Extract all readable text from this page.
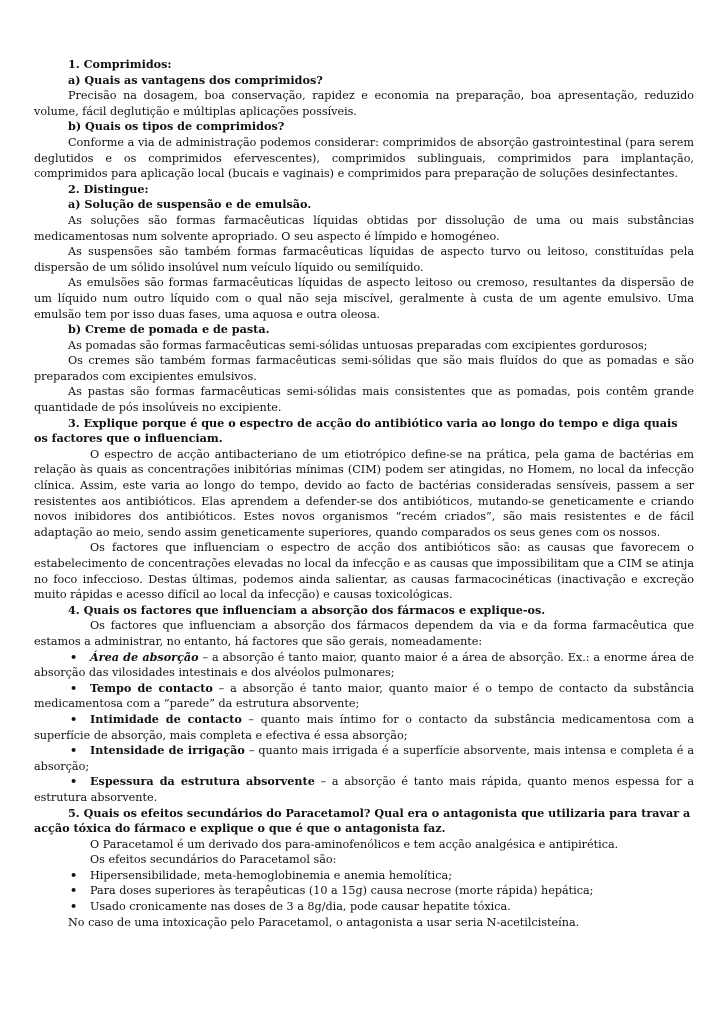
1. Comprimidos:

a) Quais as vantagens dos comprimidos?

Precisão na dosagem, boa conservação, rapidez e economia na preparação, boa apresentação, reduzido volume, fácil deglutição e múltiplas aplicações possíveis.

b) Quais os tipos de comprimidos?

Conforme a via de administração podemos considerar: comprimidos de absorção gastrointestinal (para serem deglutidos e os comprimidos efervescentes), comprimidos sublinguais, comprimidos para implantação, comprimidos para aplicação local (bucais e vaginais) e comprimidos para preparação de soluções desinfectantes.

2. Distingue:

a) Solução de suspensão e de emulsão.

As soluções são formas farmacêuticas líquidas obtidas por dissolução de uma ou mais substâncias medicamentosas num solvente apropriado. O seu aspecto é límpido e homogéneo.

As suspensões são também formas farmacêuticas líquidas de aspecto turvo ou leitoso, constituídas pela dispersão de um sólido insolúvel num veículo líquido ou semilíquido.

As emulsões são formas farmacêuticas líquidas de aspecto leitoso ou cremoso, resultantes da dispersão de um líquido num outro líquido com o qual não seja miscível, geralmente à custa de um agente emulsivo. Uma emulsão tem por isso duas fases, uma aquosa e outra oleosa.

b) Creme de pomada e de pasta.

As pomadas são formas farmacêuticas semi-sólidas untuosas preparadas com excipientes gordurosos;

Os cremes são também formas farmacêuticas semi-sólidas que são mais fluídos do que as pomadas e são preparados com excipientes emulsivos.

As pastas são formas farmacêuticas semi-sólidas mais consistentes que as pomadas, pois contêm grande quantidade de pós insolúveis no excipiente.

3. Explique porque é que o espectro de acção do antibiótico varia ao longo do tempo e diga quais os factores que o influenciam.

O espectro de acção antibacteriano de um etiotrópico define-se na prática, pela gama de bactérias em relação às quais as concentrações inibitórias mínimas (CIM) podem ser atingidas, no Homem, no local da infecção clínica. Assim, este varia ao longo do tempo, devido ao facto de bactérias consideradas sensíveis, passem a ser resistentes aos antibióticos. Elas aprendem a defender-se dos antibióticos, mutando-se geneticamente e criando novos inibidores dos antibióticos. Estes novos organismos “recém criados”, são mais resistentes e de fácil adaptação ao meio, sendo assim geneticamente superiores, quando comparados os seus genes com os nossos.

Os factores que influenciam o espectro de acção dos antibióticos são: as causas que favorecem o estabelecimento de concentrações elevadas no local da infecção e as causas que impossibilitam que a CIM se atinja no foco infeccioso. Destas últimas, podemos ainda salientar, as causas farmacocinéticas (inactivação e excreção muito rápidas e acesso difícil ao local da infecção) e causas toxicológicas.

4. Quais os factores que influenciam a absorção dos fármacos e explique-os.

Os factores que influenciam a absorção dos fármacos dependem da via e da forma farmacêutica que estamos a administrar, no entanto, há factores que são gerais, nomeadamente:

• Área de absorção – a absorção é tanto maior, quanto maior é a área de absorção. Ex.: a enorme área de absorção das vilosidades intestinais e dos alvéolos pulmonares;

• Tempo de contacto – a absorção é tanto maior, quanto maior é o tempo de contacto da substância medicamentosa com a “parede” da estrutura absorvente;

• Intimidade de contacto – quanto mais íntimo for o contacto da substância medicamentosa com a superfície de absorção, mais completa e efectiva é essa absorção;

• Intensidade de irrigação – quanto mais irrigada é a superfície absorvente, mais intensa e completa é a absorção;

• Espessura da estrutura absorvente – a absorção é tanto mais rápida, quanto menos espessa for a estrutura absorvente.

5. Quais os efeitos secundários do Paracetamol? Qual era o antagonista que utilizaria para travar a acção tóxica do fármaco e explique o que é que o antagonista faz.

O Paracetamol é um derivado dos para-aminofenólicos e tem acção analgésica e antipirética.

Os efeitos secundários do Paracetamol são:

• Hipersensibilidade, meta-hemoglobinemia e anemia hemolítica;

• Para doses superiores às terapêuticas (10 a 15g) causa necrose (morte rápida) hepática;

• Usado cronicamente nas doses de 3 a 8g/dia, pode causar hepatite tóxica.

No caso de uma intoxicação pelo Paracetamol, o antagonista a usar seria N-acetilcisteína.
